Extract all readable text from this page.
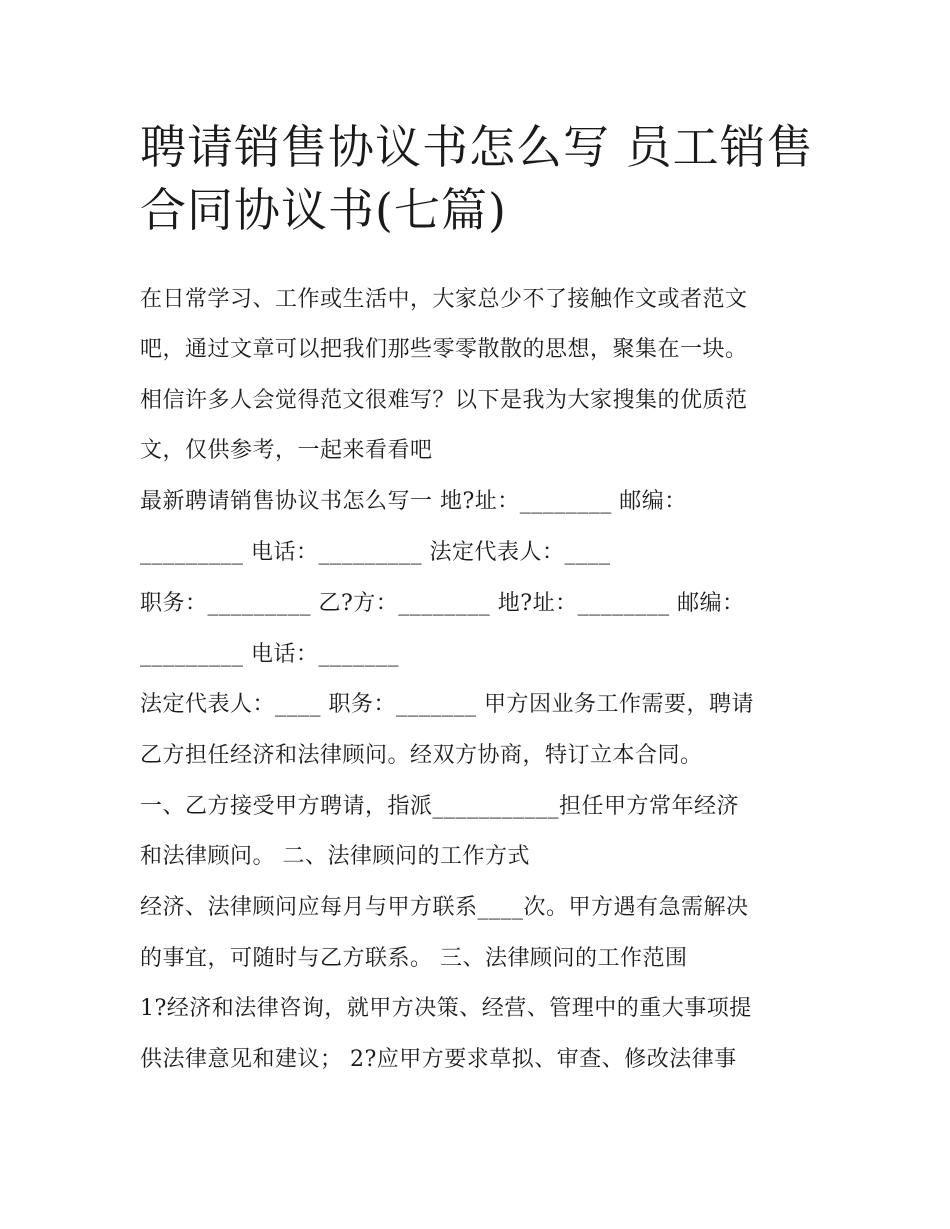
聘请销售协议书怎么写 员工销售合同协议书(七篇)

在日常学习、工作或生活中，大家总少不了接触作文或者范文

吧，通过文章可以把我们那些零零散散的思想，聚集在一块。

相信许多人会觉得范文很难写？以下是我为大家搜集的优质范

文，仅供参考，一起来看看吧

最新聘请销售协议书怎么写一 地?址：________ 邮编：

_________ 电话：_________ 法定代表人：____

职务：_________ 乙?方：________ 地?址：________ 邮编：

_________ 电话：_______

法定代表人：____ 职务：_______ 甲方因业务工作需要，聘请

乙方担任经济和法律顾问。经双方协商，特订立本合同。

一、乙方接受甲方聘请，指派___________担任甲方常年经济

和法律顾问。 二、法律顾问的工作方式

经济、法律顾问应每月与甲方联系____次。甲方遇有急需解决

的事宜，可随时与乙方联系。 三、法律顾问的工作范围

1?经济和法律咨询，就甲方决策、经营、管理中的重大事项提

供法律意见和建议； 2?应甲方要求草拟、审查、修改法律事
